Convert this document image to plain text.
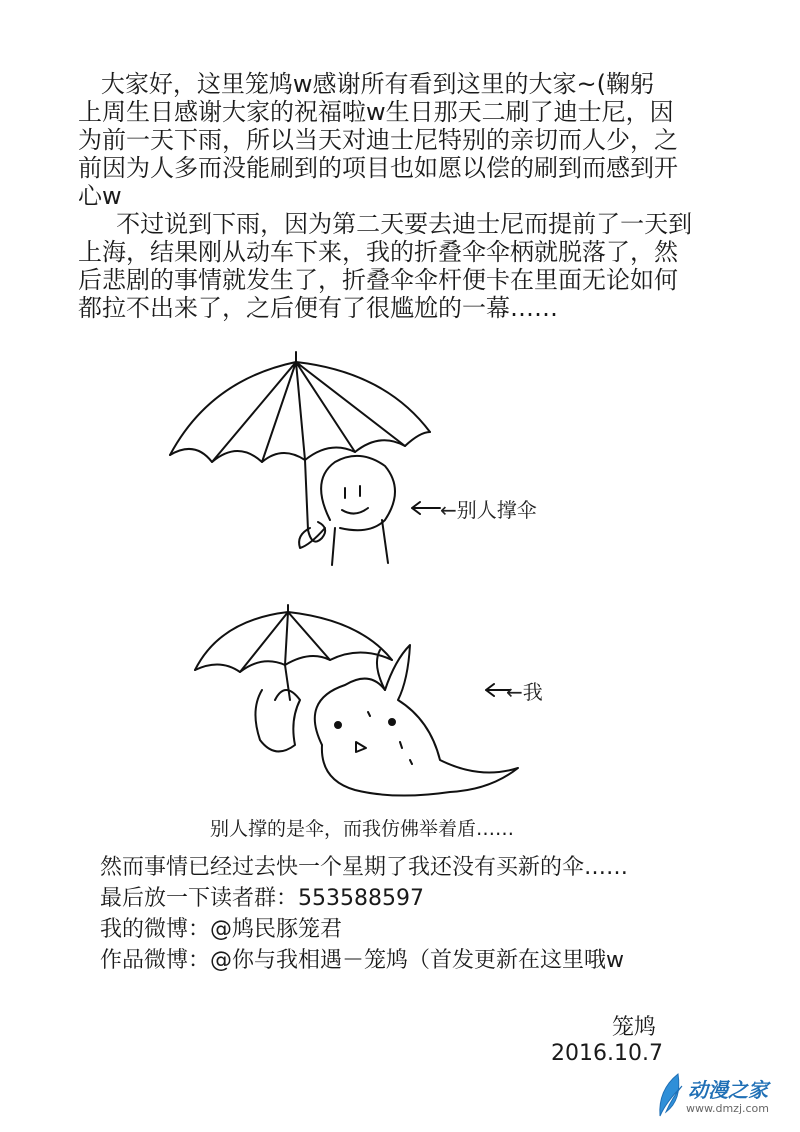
大家好，这里笼鸠w感谢所有看到这里的大家~(鞠躬
上周生日感谢大家的祝福啦w生日那天二刷了迪士尼，因
为前一天下雨，所以当天对迪士尼特别的亲切而人少，之
前因为人多而没能刷到的项目也如愿以偿的刷到而感到开
心w
不过说到下雨，因为第二天要去迪士尼而提前了一天到
上海，结果刚从动车下来，我的折叠伞伞柄就脱落了，然
后悲剧的事情就发生了，折叠伞伞杆便卡在里面无论如何
都拉不出来了，之后便有了很尴尬的一幕……
←别人撑伞
←我
别人撑的是伞，而我仿佛举着盾……
然而事情已经过去快一个星期了我还没有买新的伞……
最后放一下读者群：553588597
我的微博：@鸠民豚笼君
作品微博：@你与我相遇－笼鸠（首发更新在这里哦w
笼鸠
2016.10.7
动漫之家
www.dmzj.com
